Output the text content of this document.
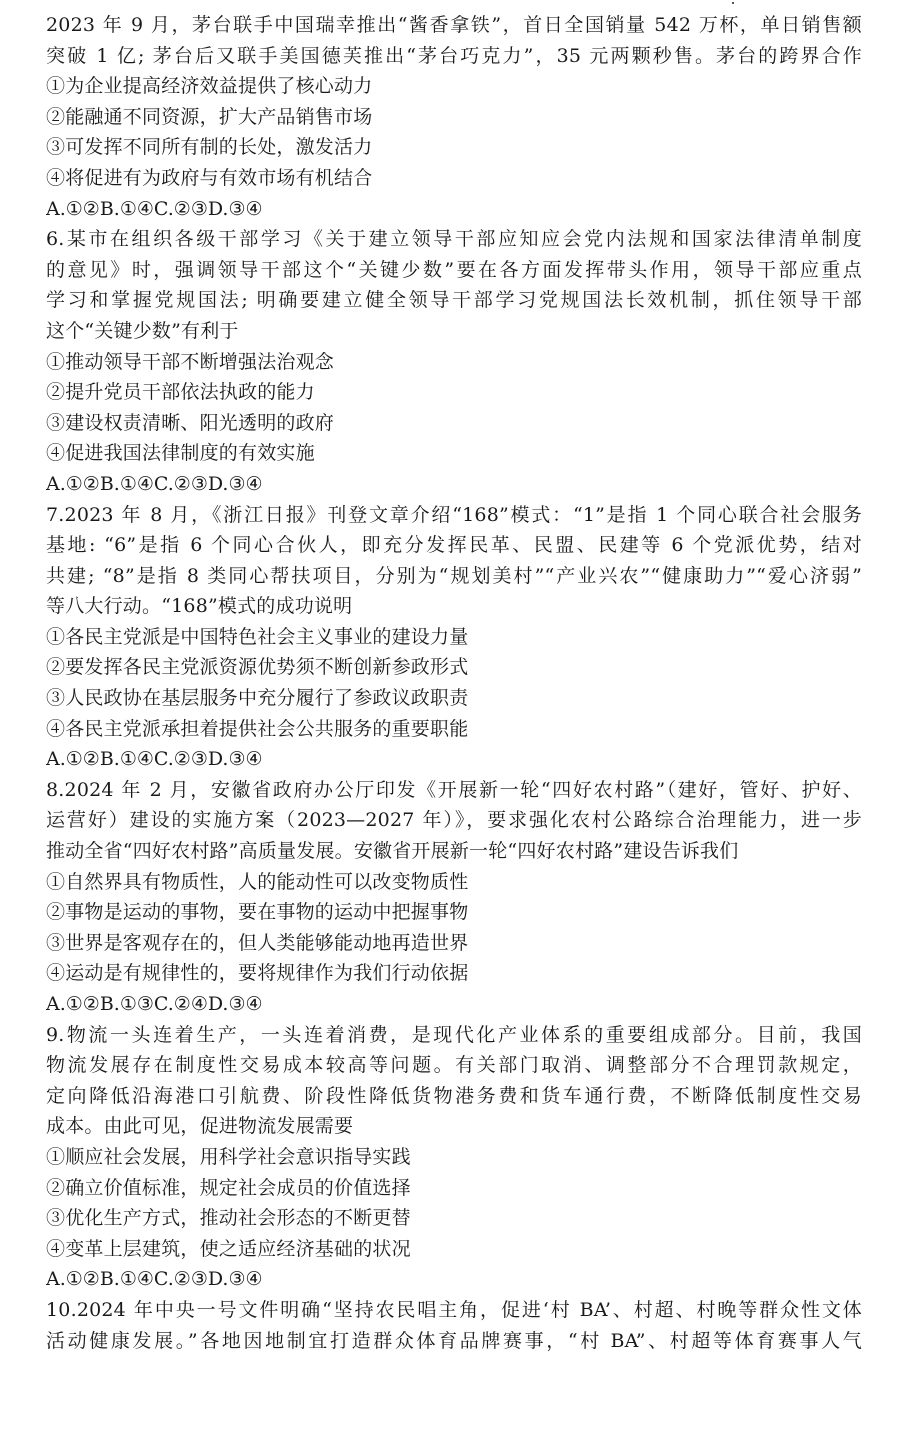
2023 年 9 月，茅台联手中国瑞幸推出“酱香拿铁”，首日全国销量 542 万杯，单日销售额
突破 1 亿; 茅台后又联手美国德芙推出“茅台巧克力”，35 元两颗秒售。茅台的跨界合作
①为企业提高经济效益提供了核心动力
②能融通不同资源，扩大产品销售市场
③可发挥不同所有制的长处，激发活力
④将促进有为政府与有效市场有机结合
A.①②B.①④C.②③D.③④
6.某市在组织各级干部学习《关于建立领导干部应知应会党内法规和国家法律清单制度
的意见》时，强调领导干部这个“关键少数”要在各方面发挥带头作用，领导干部应重点
学习和掌握党规国法; 明确要建立健全领导干部学习党规国法长效机制，抓住领导干部
这个“关键少数”有利于
①推动领导干部不断增强法治观念
②提升党员干部依法执政的能力
③建设权责清晰、阳光透明的政府
④促进我国法律制度的有效实施
A.①②B.①④C.②③D.③④
7.2023 年 8 月，《浙江日报》刊登文章介绍“168”模式：“1”是指 1 个同心联合社会服务
基地: “6”是指 6 个同心合伙人，即充分发挥民革、民盟、民建等 6 个党派优势，结对
共建; “8”是指 8 类同心帮扶项目，分别为“规划美村”“产业兴农”“健康助力”“爱心济弱”
等八大行动。“168”模式的成功说明
①各民主党派是中国特色社会主义事业的建设力量
②要发挥各民主党派资源优势须不断创新参政形式
③人民政协在基层服务中充分履行了参政议政职责
④各民主党派承担着提供社会公共服务的重要职能
A.①②B.①④C.②③D.③④
8.2024 年 2 月，安徽省政府办公厅印发《开展新一轮“四好农村路”（建好，管好、护好、
运营好）建设的实施方案（2023—2027 年）》，要求强化农村公路综合治理能力，进一步
推动全省“四好农村路”高质量发展。安徽省开展新一轮“四好农村路”建设告诉我们
①自然界具有物质性，人的能动性可以改变物质性
②事物是运动的事物，要在事物的运动中把握事物
③世界是客观存在的，但人类能够能动地再造世界
④运动是有规律性的，要将规律作为我们行动依据
A.①②B.①③C.②④D.③④
9.物流一头连着生产，一头连着消费，是现代化产业体系的重要组成部分。目前，我国
物流发展存在制度性交易成本较高等问题。有关部门取消、调整部分不合理罚款规定，
定向降低沿海港口引航费、阶段性降低货物港务费和货车通行费，不断降低制度性交易
成本。由此可见，促进物流发展需要
①顺应社会发展，用科学社会意识指导实践
②确立价值标准，规定社会成员的价值选择
③优化生产方式，推动社会形态的不断更替
④变革上层建筑，使之适应经济基础的状况
A.①②B.①④C.②③D.③④
10.2024 年中央一号文件明确“坚持农民唱主角，促进‘村 BA’、村超、村晚等群众性文体
活动健康发展。”各地因地制宜打造群众体育品牌赛事，“村 BA”、村超等体育赛事人气
